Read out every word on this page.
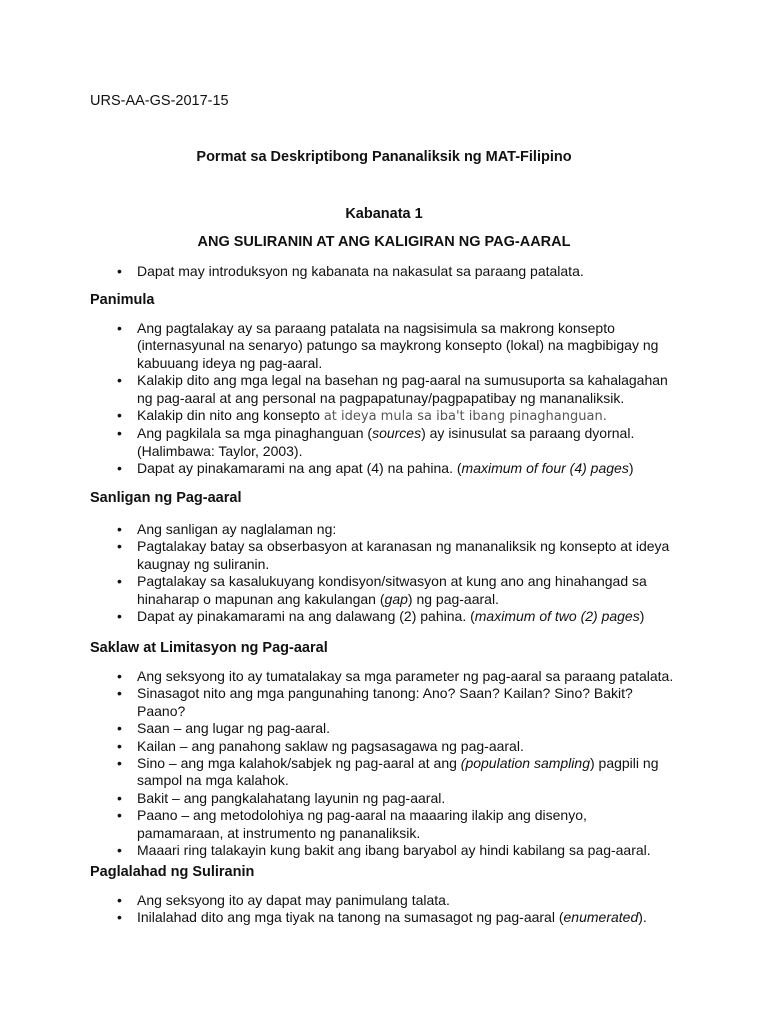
URS-AA-GS-2017-15
Pormat sa Deskriptibong Pananaliksik ng MAT-Filipino
Kabanata 1
ANG SULIRANIN AT ANG KALIGIRAN NG PAG-AARAL
• Dapat may introduksyon ng kabanata na nakasulat sa paraang patalata.
Panimula
• Ang pagtalakay ay sa paraang patalata na nagsisimula sa makrong konsepto (internasyunal na senaryo) patungo sa maykrong konsepto (lokal) na magbibigay ng kabuuang ideya ng pag-aaral.
• Kalakip dito ang mga legal na basehan ng pag-aaral na sumusuporta sa kahalagahan ng pag-aaral at ang personal na pagpapatunay/pagpapatibay ng mananaliksik.
• Kalakip din nito ang konsepto at ideya mula sa iba't ibang pinaghanguan.
• Ang pagkilala sa mga pinaghanguan (sources) ay isinusulat sa paraang dyornal. (Halimbawa: Taylor, 2003).
• Dapat ay pinakamarami na ang apat (4) na pahina. (maximum of four (4) pages)
Sanligan ng Pag-aaral
• Ang sanligan ay naglalaman ng:
• Pagtalakay batay sa obserbasyon at karanasan ng mananaliksik ng konsepto at ideya kaugnay ng suliranin.
• Pagtalakay sa kasalukuyang kondisyon/sitwasyon at kung ano ang hinahangad sa hinaharap o mapunan ang kakulangan (gap) ng pag-aaral.
• Dapat ay pinakamarami na ang dalawang (2) pahina. (maximum of two (2) pages)
Saklaw at Limitasyon ng Pag-aaral
• Ang seksyong ito ay tumatalakay sa mga parameter ng pag-aaral sa paraang patalata.
• Sinasagot nito ang mga pangunahing tanong: Ano? Saan? Kailan? Sino? Bakit? Paano?
• Saan – ang lugar ng pag-aaral.
• Kailan – ang panahong saklaw ng pagsasagawa ng pag-aaral.
• Sino – ang mga kalahok/sabjek ng pag-aaral at ang (population sampling) pagpili ng sampol na mga kalahok.
• Bakit – ang pangkalahatang layunin ng pag-aaral.
• Paano – ang metodolohiya ng pag-aaral na maaaring ilakip ang disenyo, pamamaraan, at instrumento ng pananaliksik.
• Maaari ring talakayin kung bakit ang ibang baryabol ay hindi kabilang sa pag-aaral.
Paglalahad ng Suliranin
• Ang seksyong ito ay dapat may panimulang talata.
• Inilalahad dito ang mga tiyak na tanong na sumasagot ng pag-aaral (enumerated).
